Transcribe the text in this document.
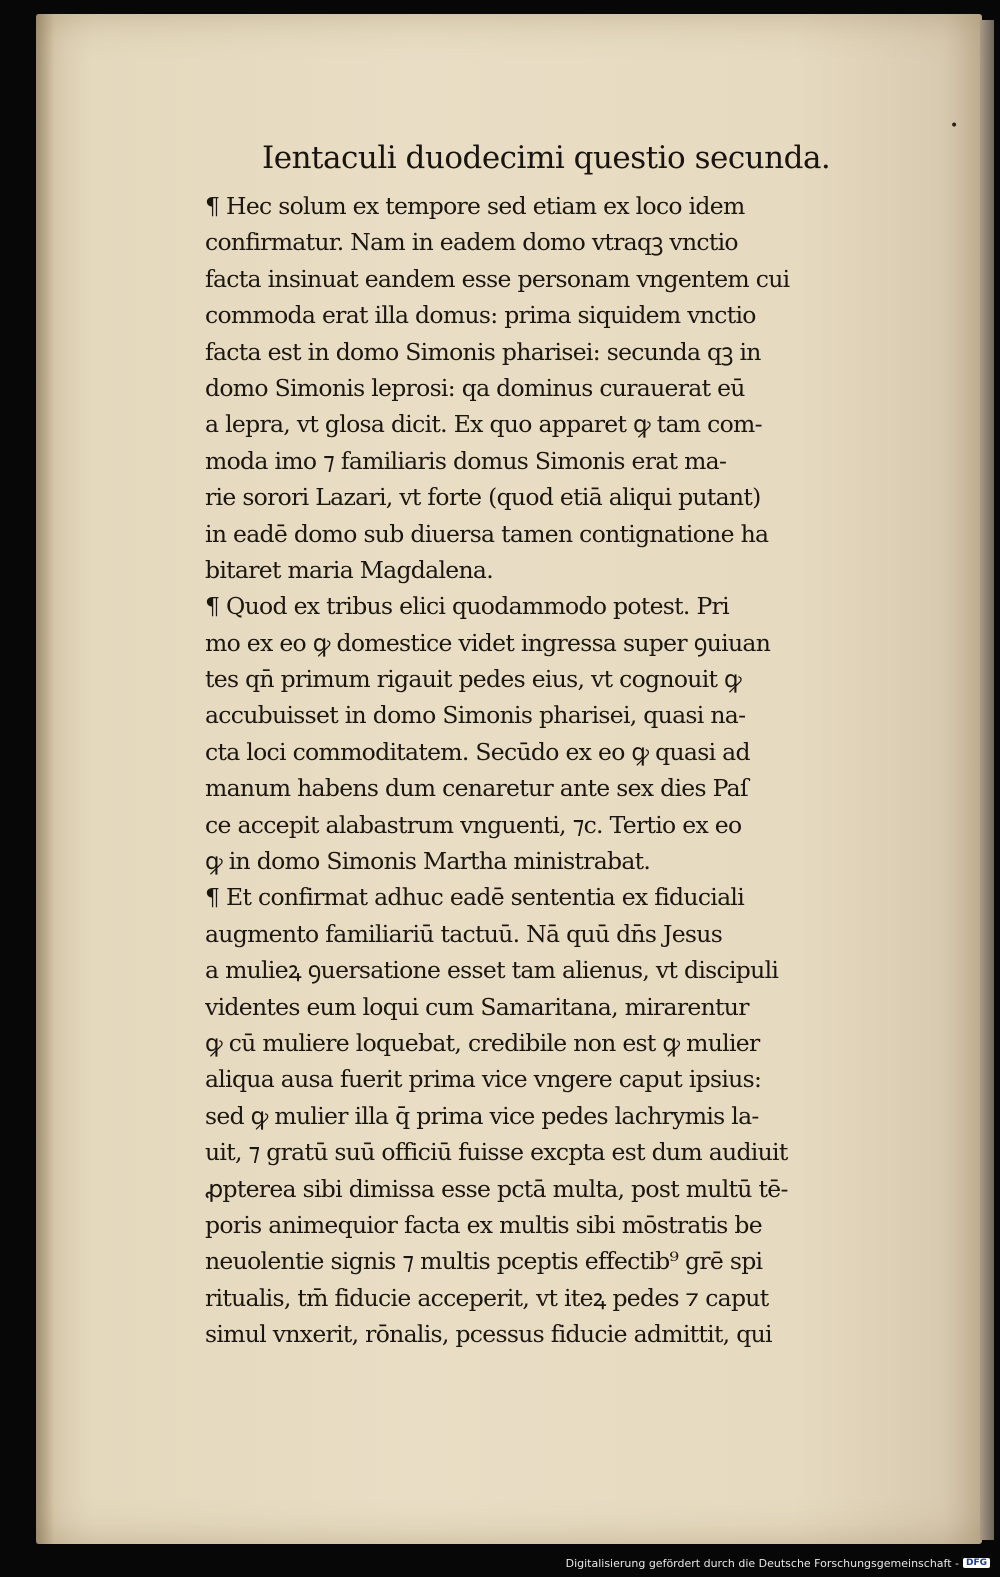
•
Ientaculi duodecimi questio secunda.
¶ Hec solum ex tempore sed etiam ex loco idem
confirmatur. Nam in eadem domo vtraqꝫ vnctio
facta insinuat eandem esse personam vngentem cui
commoda erat illa domus: prima siquidem vnctio
facta est in domo Simonis pharisei: secunda qꝫ in
domo Simonis leprosi: qa dominus curauerat eū
a lepra, vt glosa dicit. Ex quo apparet ꝙ tam com-
moda imo ⁊ familiaris domus Simonis erat ma-
rie sorori Lazari, vt forte (quod etiā aliqui putant)
in eadē domo sub diuersa tamen contignatione ha
bitaret maria Magdalena.
¶ Quod ex tribus elici quodammodo potest. Pri
mo ex eo ꝙ domestice videt ingressa super ꝯuiuan
tes qn̄ primum rigauit pedes eius, vt cognouit ꝙ
accubuisset in domo Simonis pharisei, quasi na-
cta loci commoditatem. Secūdo ex eo ꝙ quasi ad
manum habens dum cenaretur ante sex dies Paſ
ce accepit alabastrum vnguenti, ⁊c. Tertio ex eo
ꝙ in domo Simonis Martha ministrabat.
¶ Et confirmat adhuc eadē sententia ex fiduciali
augmento familiariū tactuū. Nā quū dn̄s Jesus
a mulieꝝ ꝯuersatione esset tam alienus, vt discipuli
videntes eum loqui cum Samaritana, mirarentur
ꝙ cū muliere loquebat, credibile non est ꝙ mulier
aliqua ausa fuerit prima vice vngere caput ipsius:
sed ꝙ mulier illa q̄ prima vice pedes lachrymis la-
uit, ⁊ gratū suū officiū fuisse excpta est dum audiuit
ꝓpterea sibi dimissa esse pctā multa, post multū tē-
poris animequior facta ex multis sibi mōstratis be
neuolentie signis ⁊ multis pceptis effectib⁹ grē spi
ritualis, tm̄ fiducie acceperit, vt iteꝝ pedes ⁊ caput
simul vnxerit, rōnalis, pcessus fiducie admittit, qui
Digitalisierung gefördert durch die Deutsche Forschungsgemeinschaft - DFG
